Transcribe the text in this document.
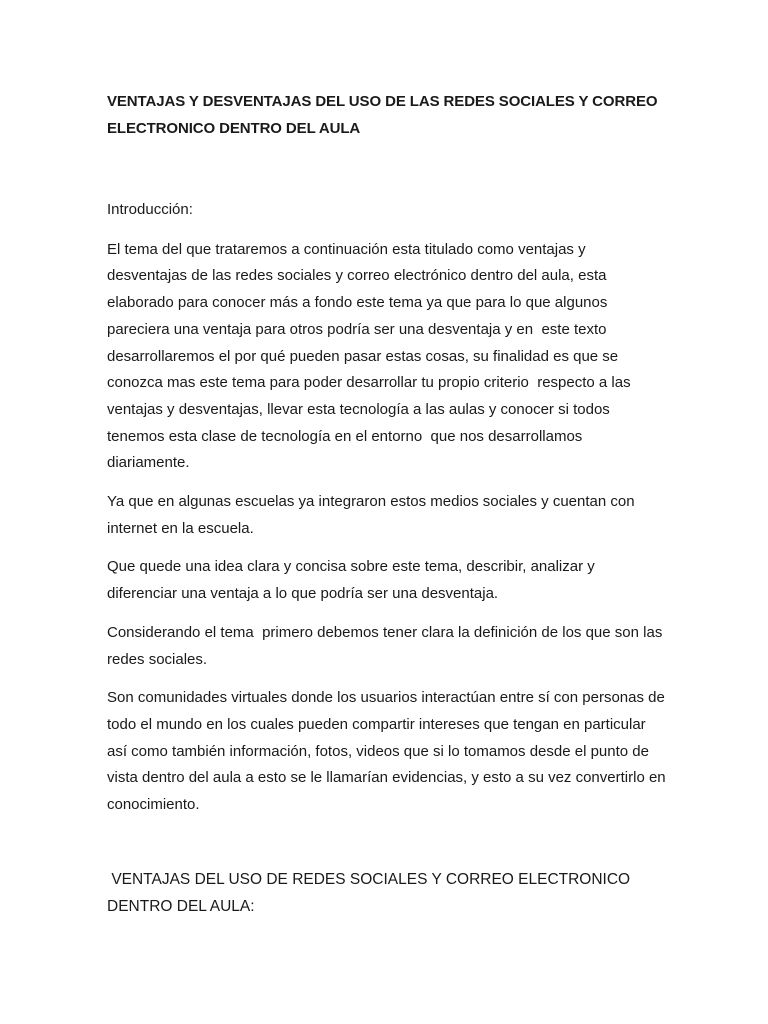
VENTAJAS Y DESVENTAJAS DEL USO DE LAS REDES SOCIALES Y CORREO ELECTRONICO DENTRO DEL AULA

Introducción:

El tema del que trataremos a continuación esta titulado como ventajas y desventajas de las redes sociales y correo electrónico dentro del aula, esta elaborado para conocer más a fondo este tema ya que para lo que algunos pareciera una ventaja para otros podría ser una desventaja y en  este texto desarrollaremos el por qué pueden pasar estas cosas, su finalidad es que se conozca mas este tema para poder desarrollar tu propio criterio  respecto a las ventajas y desventajas, llevar esta tecnología a las aulas y conocer si todos tenemos esta clase de tecnología en el entorno  que nos desarrollamos diariamente.

Ya que en algunas escuelas ya integraron estos medios sociales y cuentan con internet en la escuela.

Que quede una idea clara y concisa sobre este tema, describir, analizar y diferenciar una ventaja a lo que podría ser una desventaja.

Considerando el tema  primero debemos tener clara la definición de los que son las redes sociales.

Son comunidades virtuales donde los usuarios interactúan entre sí con personas de todo el mundo en los cuales pueden compartir intereses que tengan en particular así como también información, fotos, videos que si lo tomamos desde el punto de vista dentro del aula a esto se le llamarían evidencias, y esto a su vez convertirlo en conocimiento.

VENTAJAS DEL USO DE REDES SOCIALES Y CORREO ELECTRONICO DENTRO DEL AULA:
